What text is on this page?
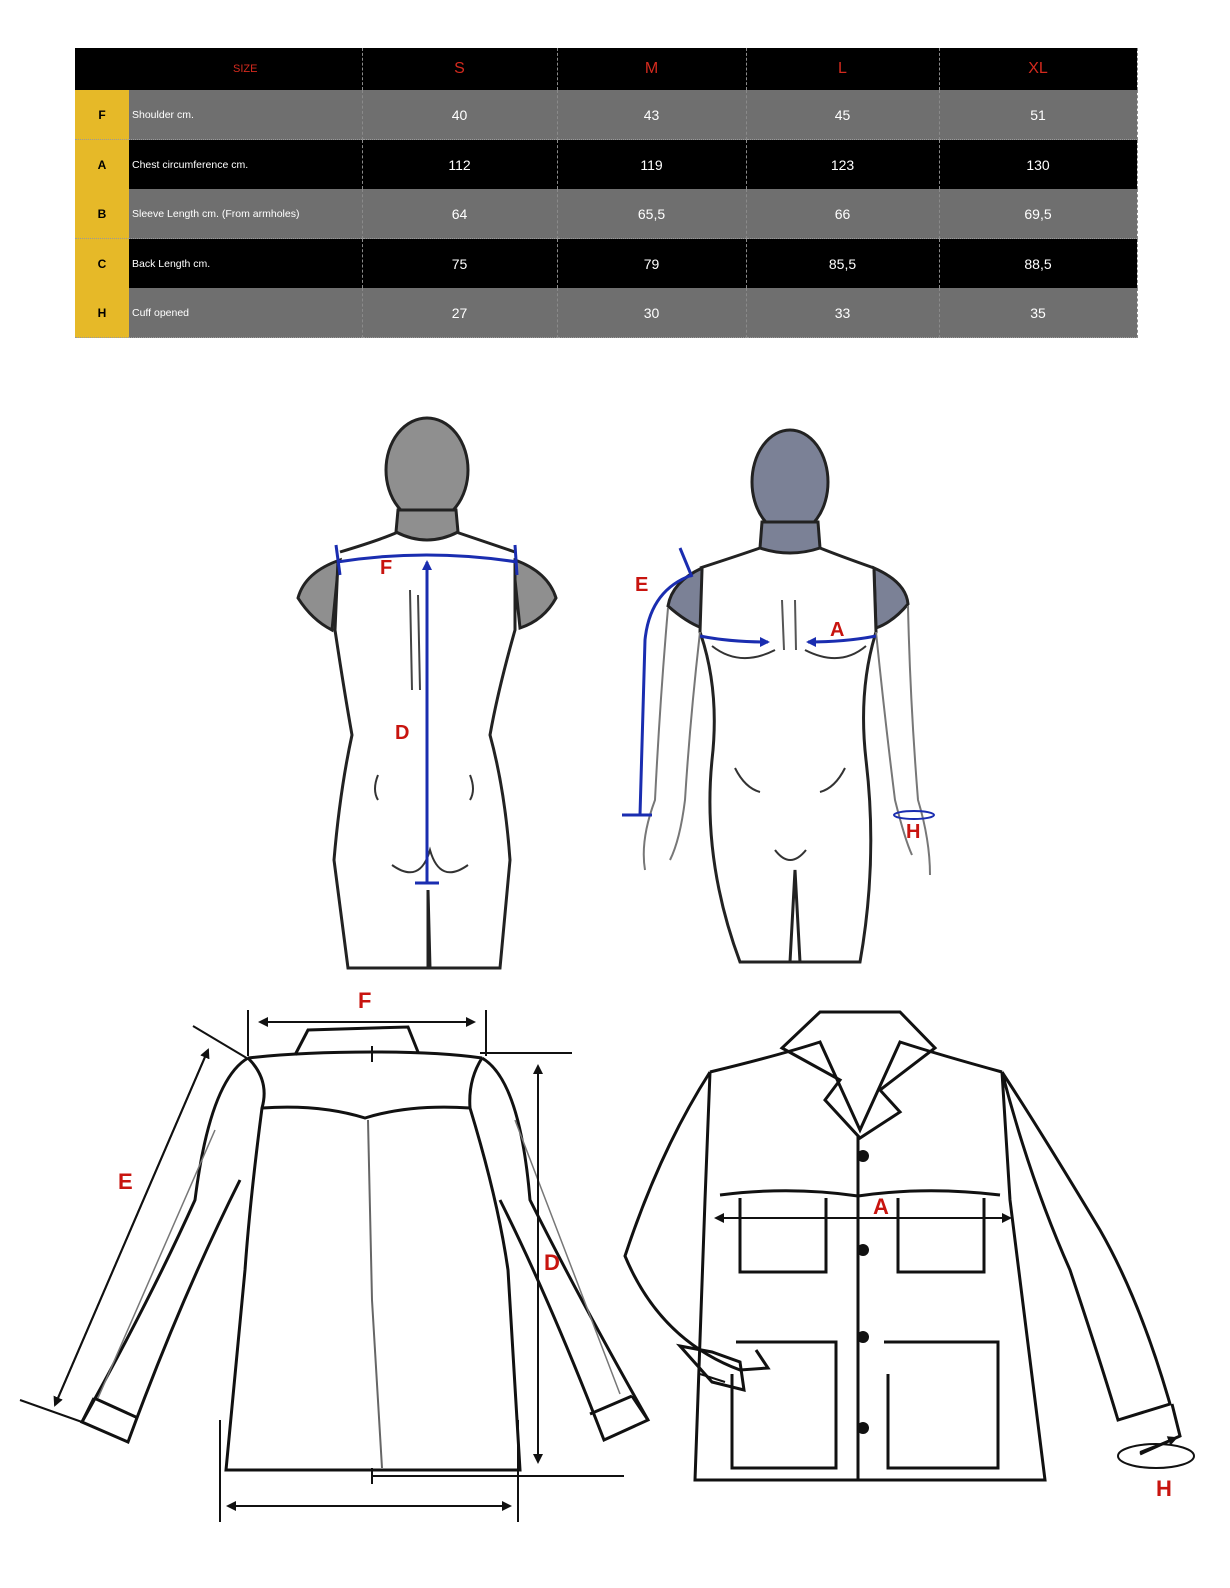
	SIZE	S	M	L	XL
F	Shoulder cm.	40	43	45	51
A	Chest circumference cm.	112	119	123	130
B	Sleeve Length cm. (From armholes)	64	65,5	66	69,5
C	Back Length cm.	75	79	85,5	88,5
H	Cuff opened	27	30	33	35
F
D
E
A
H
F
E
D
A
H
